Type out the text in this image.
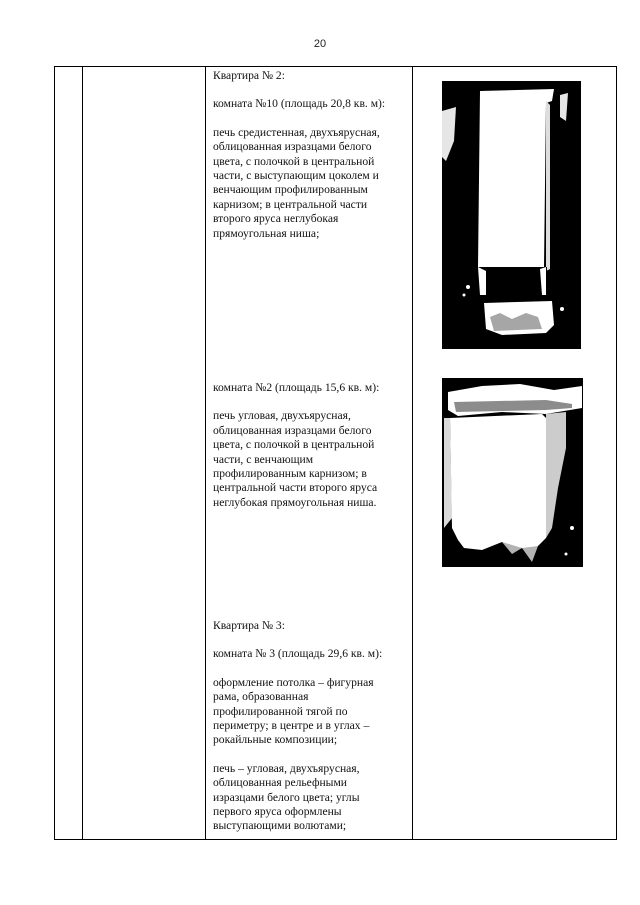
20

Квартира № 2:

комната №10 (площадь 20,8 кв. м):

печь средистенная, двухъярусная,

облицованная изразцами белого

цвета, с полочкой в центральной

части, с выступающим цоколем и

венчающим профилированным

карнизом; в центральной части

второго яруса неглубокая

прямоугольная ниша;

комната №2 (площадь 15,6 кв. м):

печь угловая, двухъярусная,

облицованная изразцами белого

цвета, с полочкой в центральной

части, с венчающим

профилированным карнизом; в

центральной части второго яруса

неглубокая прямоугольная ниша.

Квартира № 3:

комната № 3 (площадь 29,6 кв. м):

оформление потолка – фигурная

рама, образованная

профилированной тягой по

периметру; в центре и в углах –

рокайльные композиции;

печь – угловая, двухъярусная,

облицованная рельефными

изразцами белого цвета; углы

первого яруса оформлены

выступающими волютами;
